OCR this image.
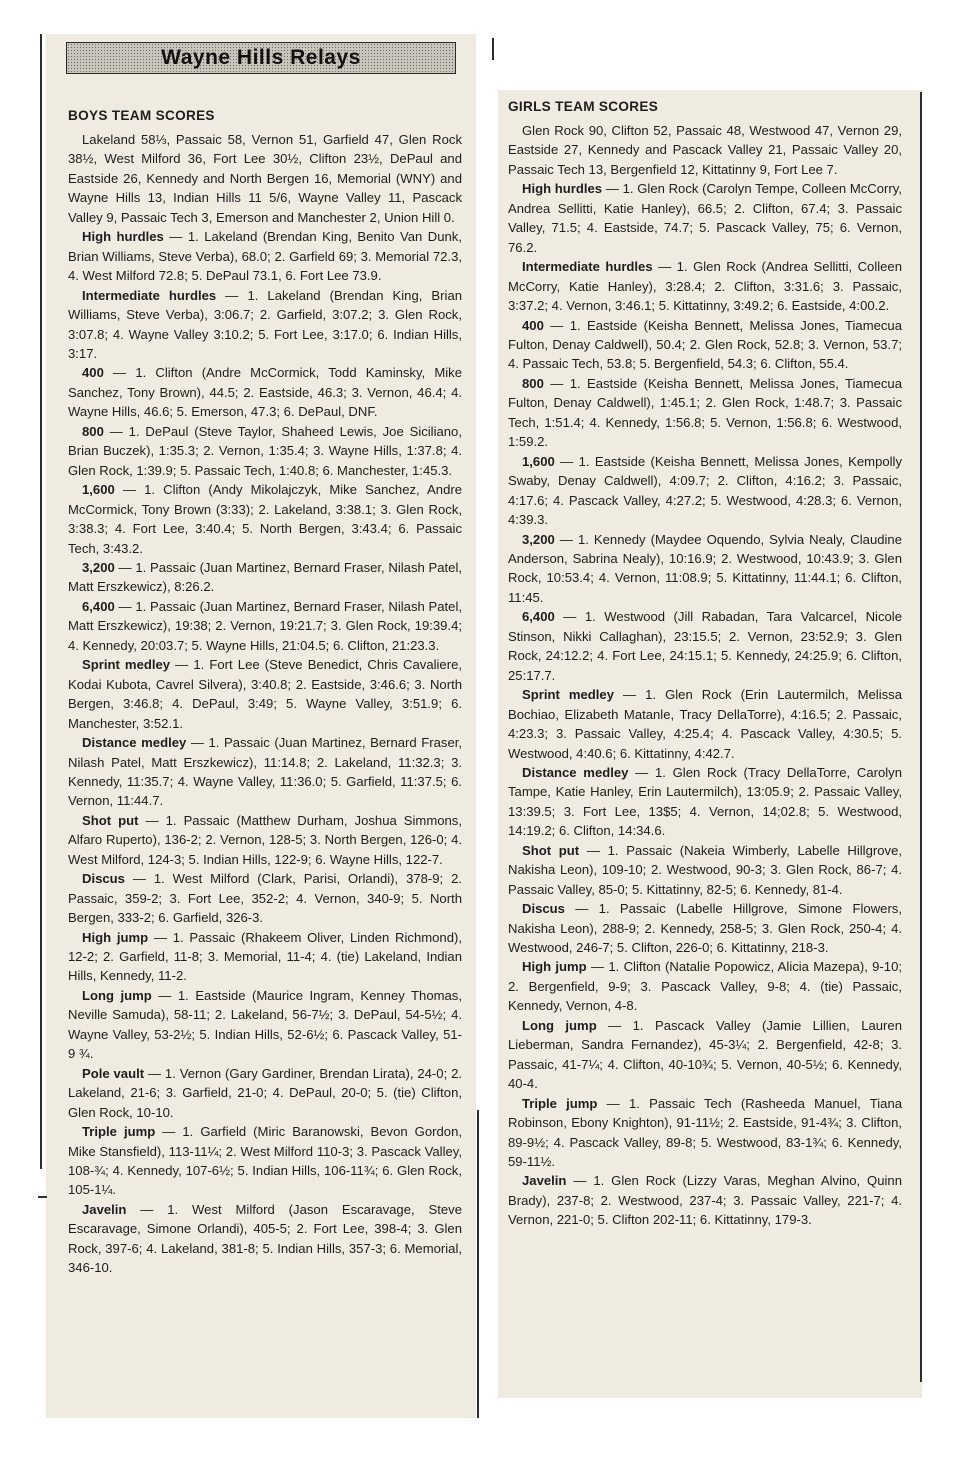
Wayne Hills Relays
BOYS TEAM SCORES

Lakeland 58⅓, Passaic 58, Vernon 51, Garfield 47, Glen Rock 38½, West Milford 36, Fort Lee 30½, Clifton 23½, DePaul and Eastside 26, Kennedy and North Bergen 16, Memorial (WNY) and Wayne Hills 13, Indian Hills 11 5/6, Wayne Valley 11, Pascack Valley 9, Passaic Tech 3, Emerson and Manchester 2, Union Hill 0.

High hurdles — 1. Lakeland (Brendan King, Benito Van Dunk, Brian Williams, Steve Verba), 68.0; 2. Garfield 69; 3. Memorial 72.3, 4. West Milford 72.8; 5. DePaul 73.1, 6. Fort Lee 73.9.

Intermediate hurdles — 1. Lakeland (Brendan King, Brian Williams, Steve Verba), 3:06.7; 2. Garfield, 3:07.2; 3. Glen Rock, 3:07.8; 4. Wayne Valley 3:10.2; 5. Fort Lee, 3:17.0; 6. Indian Hills, 3:17.

400 — 1. Clifton (Andre McCormick, Todd Kaminsky, Mike Sanchez, Tony Brown), 44.5; 2. Eastside, 46.3; 3. Vernon, 46.4; 4. Wayne Hills, 46.6; 5. Emerson, 47.3; 6. DePaul, DNF.

800 — 1. DePaul (Steve Taylor, Shaheed Lewis, Joe Siciliano, Brian Buczek), 1:35.3; 2. Vernon, 1:35.4; 3. Wayne Hills, 1:37.8; 4. Glen Rock, 1:39.9; 5. Passaic Tech, 1:40.8; 6. Manchester, 1:45.3.

1,600 — 1. Clifton (Andy Mikolajczyk, Mike Sanchez, Andre McCormick, Tony Brown (3:33); 2. Lakeland, 3:38.1; 3. Glen Rock, 3:38.3; 4. Fort Lee, 3:40.4; 5. North Bergen, 3:43.4; 6. Passaic Tech, 3:43.2.

3,200 — 1. Passaic (Juan Martinez, Bernard Fraser, Nilash Patel, Matt Erszkewicz), 8:26.2.

6,400 — 1. Passaic (Juan Martinez, Bernard Fraser, Nilash Patel, Matt Erszkewicz), 19:38; 2. Vernon, 19:21.7; 3. Glen Rock, 19:39.4; 4. Kennedy, 20:03.7; 5. Wayne Hills, 21:04.5; 6. Clifton, 21:23.3.

Sprint medley — 1. Fort Lee (Steve Benedict, Chris Cavaliere, Kodai Kubota, Cavrel Silvera), 3:40.8; 2. Eastside, 3:46.6; 3. North Bergen, 3:46.8; 4. DePaul, 3:49; 5. Wayne Valley, 3:51.9; 6. Manchester, 3:52.1.

Distance medley — 1. Passaic (Juan Martinez, Bernard Fraser, Nilash Patel, Matt Erszkewicz), 11:14.8; 2. Lakeland, 11:32.3; 3. Kennedy, 11:35.7; 4. Wayne Valley, 11:36.0; 5. Garfield, 11:37.5; 6. Vernon, 11:44.7.

Shot put — 1. Passaic (Matthew Durham, Joshua Simmons, Alfaro Ruperto), 136-2; 2. Vernon, 128-5; 3. North Bergen, 126-0; 4. West Milford, 124-3; 5. Indian Hills, 122-9; 6. Wayne Hills, 122-7.

Discus — 1. West Milford (Clark, Parisi, Orlandi), 378-9; 2. Passaic, 359-2; 3. Fort Lee, 352-2; 4. Vernon, 340-9; 5. North Bergen, 333-2; 6. Garfield, 326-3.

High jump — 1. Passaic (Rhakeem Oliver, Linden Richmond), 12-2; 2. Garfield, 11-8; 3. Memorial, 11-4; 4. (tie) Lakeland, Indian Hills, Kennedy, 11-2.

Long jump — 1. Eastside (Maurice Ingram, Kenney Thomas, Neville Samuda), 58-11; 2. Lakeland, 56-7½; 3. DePaul, 54-5½; 4. Wayne Valley, 53-2½; 5. Indian Hills, 52-6½; 6. Pascack Valley, 51-9 ¾.

Pole vault — 1. Vernon (Gary Gardiner, Brendan Lirata), 24-0; 2. Lakeland, 21-6; 3. Garfield, 21-0; 4. DePaul, 20-0; 5. (tie) Clifton, Glen Rock, 10-10.

Triple jump — 1. Garfield (Miric Baranowski, Bevon Gordon, Mike Stansfield), 113-11¼; 2. West Milford 110-3; 3. Pascack Valley, 108-¾; 4. Kennedy, 107-6½; 5. Indian Hills, 106-11¾; 6. Glen Rock, 105-1¼.

Javelin — 1. West Milford (Jason Escaravage, Steve Escaravage, Simone Orlandi), 405-5; 2. Fort Lee, 398-4; 3. Glen Rock, 397-6; 4. Lakeland, 381-8; 5. Indian Hills, 357-3; 6. Memorial, 346-10.

GIRLS TEAM SCORES

Glen Rock 90, Clifton 52, Passaic 48, Westwood 47, Vernon 29, Eastside 27, Kennedy and Pascack Valley 21, Passaic Valley 20, Passaic Tech 13, Bergenfield 12, Kittatinny 9, Fort Lee 7.

High hurdles — 1. Glen Rock (Carolyn Tempe, Colleen McCorry, Andrea Sellitti, Katie Hanley), 66.5; 2. Clifton, 67.4; 3. Passaic Valley, 71.5; 4. Eastside, 74.7; 5. Pascack Valley, 75; 6. Vernon, 76.2.

Intermediate hurdles — 1. Glen Rock (Andrea Sellitti, Colleen McCorry, Katie Hanley), 3:28.4; 2. Clifton, 3:31.6; 3. Passaic, 3:37.2; 4. Vernon, 3:46.1; 5. Kittatinny, 3:49.2; 6. Eastside, 4:00.2.

400 — 1. Eastside (Keisha Bennett, Melissa Jones, Tiamecua Fulton, Denay Caldwell), 50.4; 2. Glen Rock, 52.8; 3. Vernon, 53.7; 4. Passaic Tech, 53.8; 5. Bergenfield, 54.3; 6. Clifton, 55.4.

800 — 1. Eastside (Keisha Bennett, Melissa Jones, Tiamecua Fulton, Denay Caldwell), 1:45.1; 2. Glen Rock, 1:48.7; 3. Passaic Tech, 1:51.4; 4. Kennedy, 1:56.8; 5. Vernon, 1:56.8; 6. Westwood, 1:59.2.

1,600 — 1. Eastside (Keisha Bennett, Melissa Jones, Kempolly Swaby, Denay Caldwell), 4:09.7; 2. Clifton, 4:16.2; 3. Passaic, 4:17.6; 4. Pascack Valley, 4:27.2; 5. Westwood, 4:28.3; 6. Vernon, 4:39.3.

3,200 — 1. Kennedy (Maydee Oquendo, Sylvia Nealy, Claudine Anderson, Sabrina Nealy), 10:16.9; 2. Westwood, 10:43.9; 3. Glen Rock, 10:53.4; 4. Vernon, 11:08.9; 5. Kittatinny, 11:44.1; 6. Clifton, 11:45.

6,400 — 1. Westwood (Jill Rabadan, Tara Valcarcel, Nicole Stinson, Nikki Callaghan), 23:15.5; 2. Vernon, 23:52.9; 3. Glen Rock, 24:12.2; 4. Fort Lee, 24:15.1; 5. Kennedy, 24:25.9; 6. Clifton, 25:17.7.

Sprint medley — 1. Glen Rock (Erin Lautermilch, Melissa Bochiao, Elizabeth Matanle, Tracy DellaTorre), 4:16.5; 2. Passaic, 4:23.3; 3. Passaic Valley, 4:25.4; 4. Pascack Valley, 4:30.5; 5. Westwood, 4:40.6; 6. Kittatinny, 4:42.7.

Distance medley — 1. Glen Rock (Tracy DellaTorre, Carolyn Tampe, Katie Hanley, Erin Lautermilch), 13:05.9; 2. Passaic Valley, 13:39.5; 3. Fort Lee, 13$5; 4. Vernon, 14;02.8; 5. Westwood, 14:19.2; 6. Clifton, 14:34.6.

Shot put — 1. Passaic (Nakeia Wimberly, Labelle Hillgrove, Nakisha Leon), 109-10; 2. Westwood, 90-3; 3. Glen Rock, 86-7; 4. Passaic Valley, 85-0; 5. Kittatinny, 82-5; 6. Kennedy, 81-4.

Discus — 1. Passaic (Labelle Hillgrove, Simone Flowers, Nakisha Leon), 288-9; 2. Kennedy, 258-5; 3. Glen Rock, 250-4; 4. Westwood, 246-7; 5. Clifton, 226-0; 6. Kittatinny, 218-3.

High jump — 1. Clifton (Natalie Popowicz, Alicia Mazepa), 9-10; 2. Bergenfield, 9-9; 3. Pascack Valley, 9-8; 4. (tie) Passaic, Kennedy, Vernon, 4-8.

Long jump — 1. Pascack Valley (Jamie Lillien, Lauren Lieberman, Sandra Fernandez), 45-3¼; 2. Bergenfield, 42-8; 3. Passaic, 41-7¼; 4. Clifton, 40-10¾; 5. Vernon, 40-5½; 6. Kennedy, 40-4.

Triple jump — 1. Passaic Tech (Rasheeda Manuel, Tiana Robinson, Ebony Knighton), 91-11½; 2. Eastside, 91-4¾; 3. Clifton, 89-9½; 4. Pascack Valley, 89-8; 5. Westwood, 83-1¾; 6. Kennedy, 59-11½.

Javelin — 1. Glen Rock (Lizzy Varas, Meghan Alvino, Quinn Brady), 237-8; 2. Westwood, 237-4; 3. Passaic Valley, 221-7; 4. Vernon, 221-0; 5. Clifton 202-11; 6. Kittatinny, 179-3.
